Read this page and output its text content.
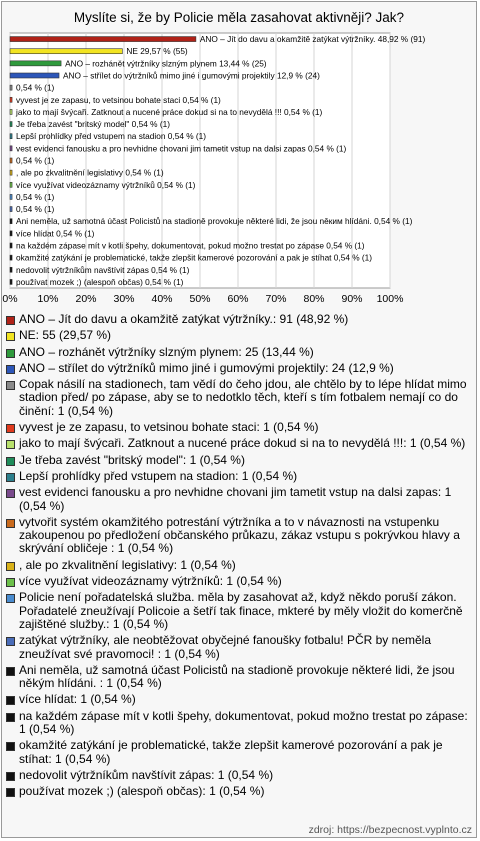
Myslíte si, že by Policie měla zasahovat aktivněji? Jak?
0% 10% 20% 30% 40% 50% 60% 70% 80% 90% 100%
ANO – Jít do davu a okamžitě zatýkat výtržníky. 48,92 % (91)
NE 29,57 % (55)
ANO – rozhánět výtržníky slzným plynem 13,44 % (25)
ANO – střílet do výtržníků mimo jiné i gumovými projektily 12,9 % (24)
0,54 % (1)
vyvest je ze zapasu, to vetsinou bohate staci 0,54 % (1)
jako to mají švýcaři. Zatknout a nucené práce dokud si na to nevydělá !!! 0,54 % (1)
Je třeba zavést "britský model" 0,54 % (1)
Lepší prohlídky před vstupem na stadion 0,54 % (1)
vest evidenci fanousku a pro nevhidne chovani jim tametit vstup na dalsi zapas 0,54 % (1)
0,54 % (1)
, ale po zkvalitnění legislativy 0,54 % (1)
více využívat videozáznamy výtržníků 0,54 % (1)
0,54 % (1)
0,54 % (1)
Ani neměla, už samotná účast Policistů na stadioně provokuje některé lidi, že jsou něким hlídáni. 0,54 % (1)
více hlídat 0,54 % (1)
na každém zápase mít v kotli špehy, dokumentovat, pokud možno trestat po zápase 0,54 % (1)
okamžité zatýkání je problematické, takže zlepšit kamerové pozorování a pak je stíhat 0,54 % (1)
nedovolit výtržníkům navštívit zápas 0,54 % (1)
používat mozek ;) (alespoň občas) 0,54 % (1)
ANO – Jít do davu a okamžitě zatýkat výtržníky.: 91 (48,92 %)
NE: 55 (29,57 %)
ANO – rozhánět výtržníky slzným plynem: 25 (13,44 %)
ANO – střílet do výtržníků mimo jiné i gumovými projektily: 24 (12,9 %)
Copak násilí na stadionech, tam vědí do čeho jdou, ale chtělo by to lépe hlídat mimo stadion před/ po zápase, aby se to nedotklo těch, kteří s tím fotbalem nemají co do činění: 1 (0,54 %)
vyvest je ze zapasu, to vetsinou bohate staci: 1 (0,54 %)
jako to mají švýcaři. Zatknout a nucené práce dokud si na to nevydělá !!!: 1 (0,54 %)
Je třeba zavést "britský model": 1 (0,54 %)
Lepší prohlídky před vstupem na stadion: 1 (0,54 %)
vest evidenci fanousku a pro nevhidne chovani jim tametit vstup na dalsi zapas: 1 (0,54 %)
vytvořit systém okamžitého potrestání výtržníka a to v návaznosti na vstupenku zakoupenou po předložení občanského průkazu, zákaz vstupu s pokrývkou hlavy a skrývání obličeje : 1 (0,54 %)
, ale po zkvalitnění legislativy: 1 (0,54 %)
více využívat videozáznamy výtržníků: 1 (0,54 %)
Policie není pořadatelská služba. měla by zasahovat až, když někdo poruší zákon. Pořadatelé zneužívají Policoie a šetří tak finace, mkteré by měly vložit do komerčně zajištěné služby.: 1 (0,54 %)
zatýkat výtržníky, ale neobtěžovat obyčejné fanoušky fotbalu! PČR by neměla zneužívat své pravomoci! : 1 (0,54 %)
Ani neměla, už samotná účast Policistů na stadioně provokuje některé lidi, že jsou někým hlídáni. : 1 (0,54 %)
více hlídat: 1 (0,54 %)
na každém zápase mít v kotli špehy, dokumentovat, pokud možno trestat po zápase: 1 (0,54 %)
okamžité zatýkání je problematické, takže zlepšit kamerové pozorování a pak je stíhat: 1 (0,54 %)
nedovolit výtržníkům navštívit zápas: 1 (0,54 %)
používat mozek ;) (alespoň občas): 1 (0,54 %)
zdroj: https://bezpecnost.vyplnto.cz
